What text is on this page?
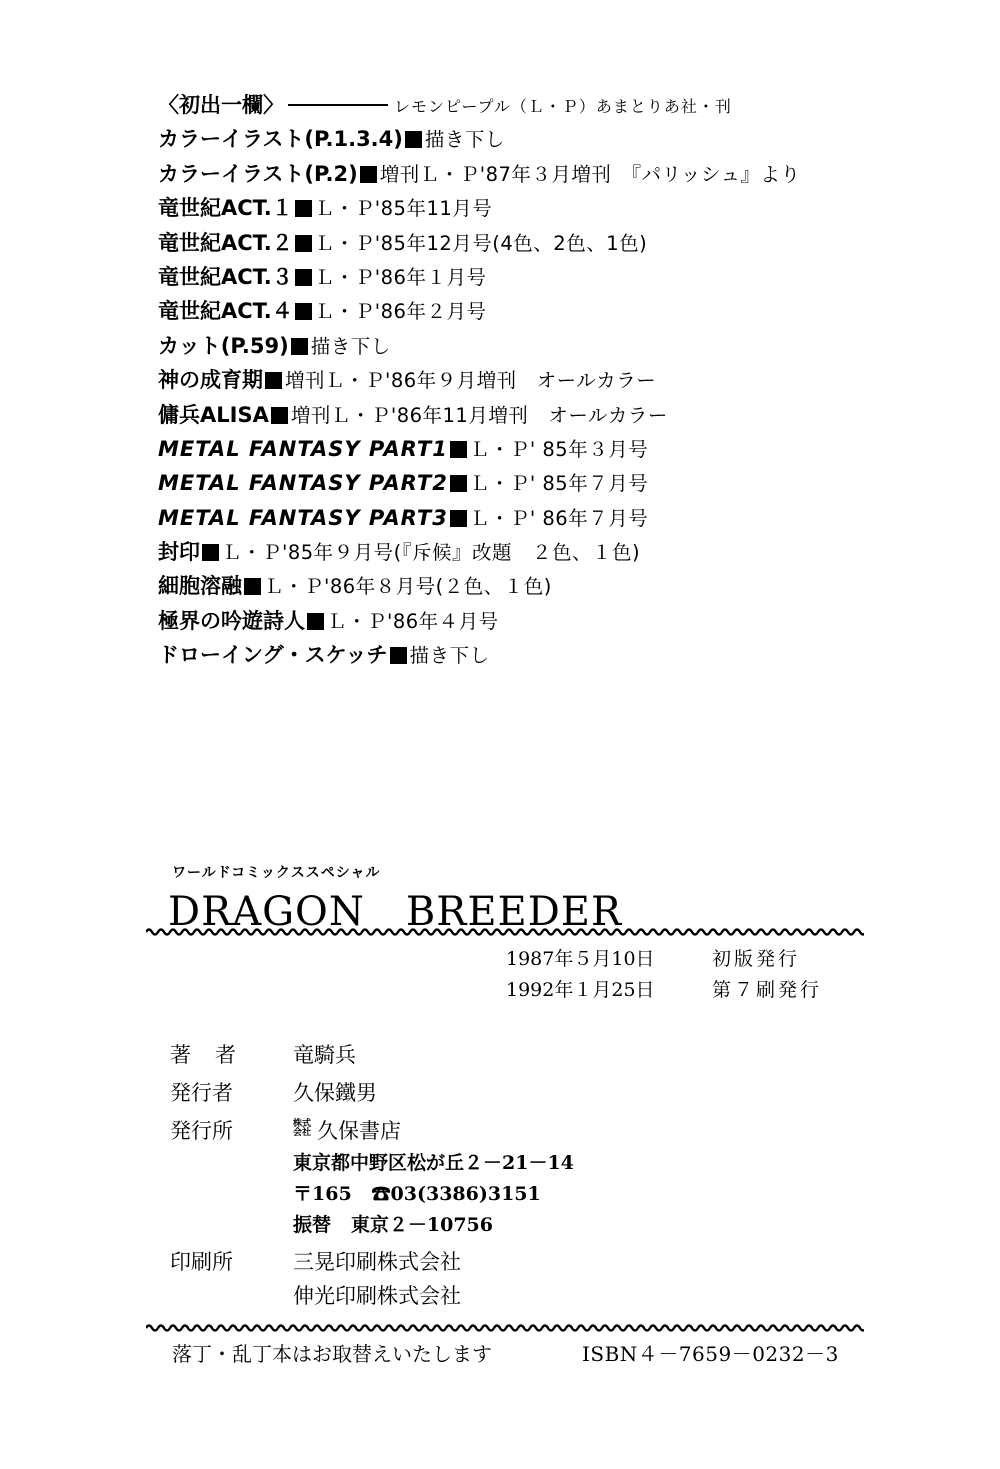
〈初出一欄〉	レモンピープル（Ｌ・Ｐ）あまとりあ社・刊
カラーイラスト(P.1.3.4) 描き下し
カラーイラスト(P.2) 増刊Ｌ・Ｐ'87年３月増刊　『パリッシュ』より
竜世紀ACT.１ Ｌ・Ｐ'85年11月号
竜世紀ACT.２ Ｌ・Ｐ'85年12月号(4色、2色、1色)
竜世紀ACT.３ Ｌ・Ｐ'86年１月号
竜世紀ACT.４ Ｌ・Ｐ'86年２月号
カット(P.59) 描き下し
神の成育期 増刊Ｌ・Ｐ'86年９月増刊　オールカラー
傭兵ALISA 増刊Ｌ・Ｐ'86年11月増刊　オールカラー
METAL FANTASY PART1 Ｌ・Ｐ' 85年３月号
METAL FANTASY PART2 Ｌ・Ｐ' 85年７月号
METAL FANTASY PART3 Ｌ・Ｐ' 86年７月号
封印 Ｌ・Ｐ'85年９月号(『斥候』改題　２色、１色)
細胞溶融 Ｌ・Ｐ'86年８月号(２色、１色)
極界の吟遊詩人 Ｌ・Ｐ'86年４月号
ドローイング・スケッチ 描き下し
ワールドコミックススペシャル
DRAGON　BREEDER
1987年５月10日	初版発行
1992年１月25日	第７刷発行
著者	竜騎兵
発行者	久保鐵男
発行所	株式
会社 久保書店
東京都中野区松が丘２－21－14
〒165 ☎03(3386)3151
振替 東京２－10756
印刷所	三晃印刷株式会社
伸光印刷株式会社
落丁・乱丁本はお取替えいたします	ISBN４－7659－0232－3
